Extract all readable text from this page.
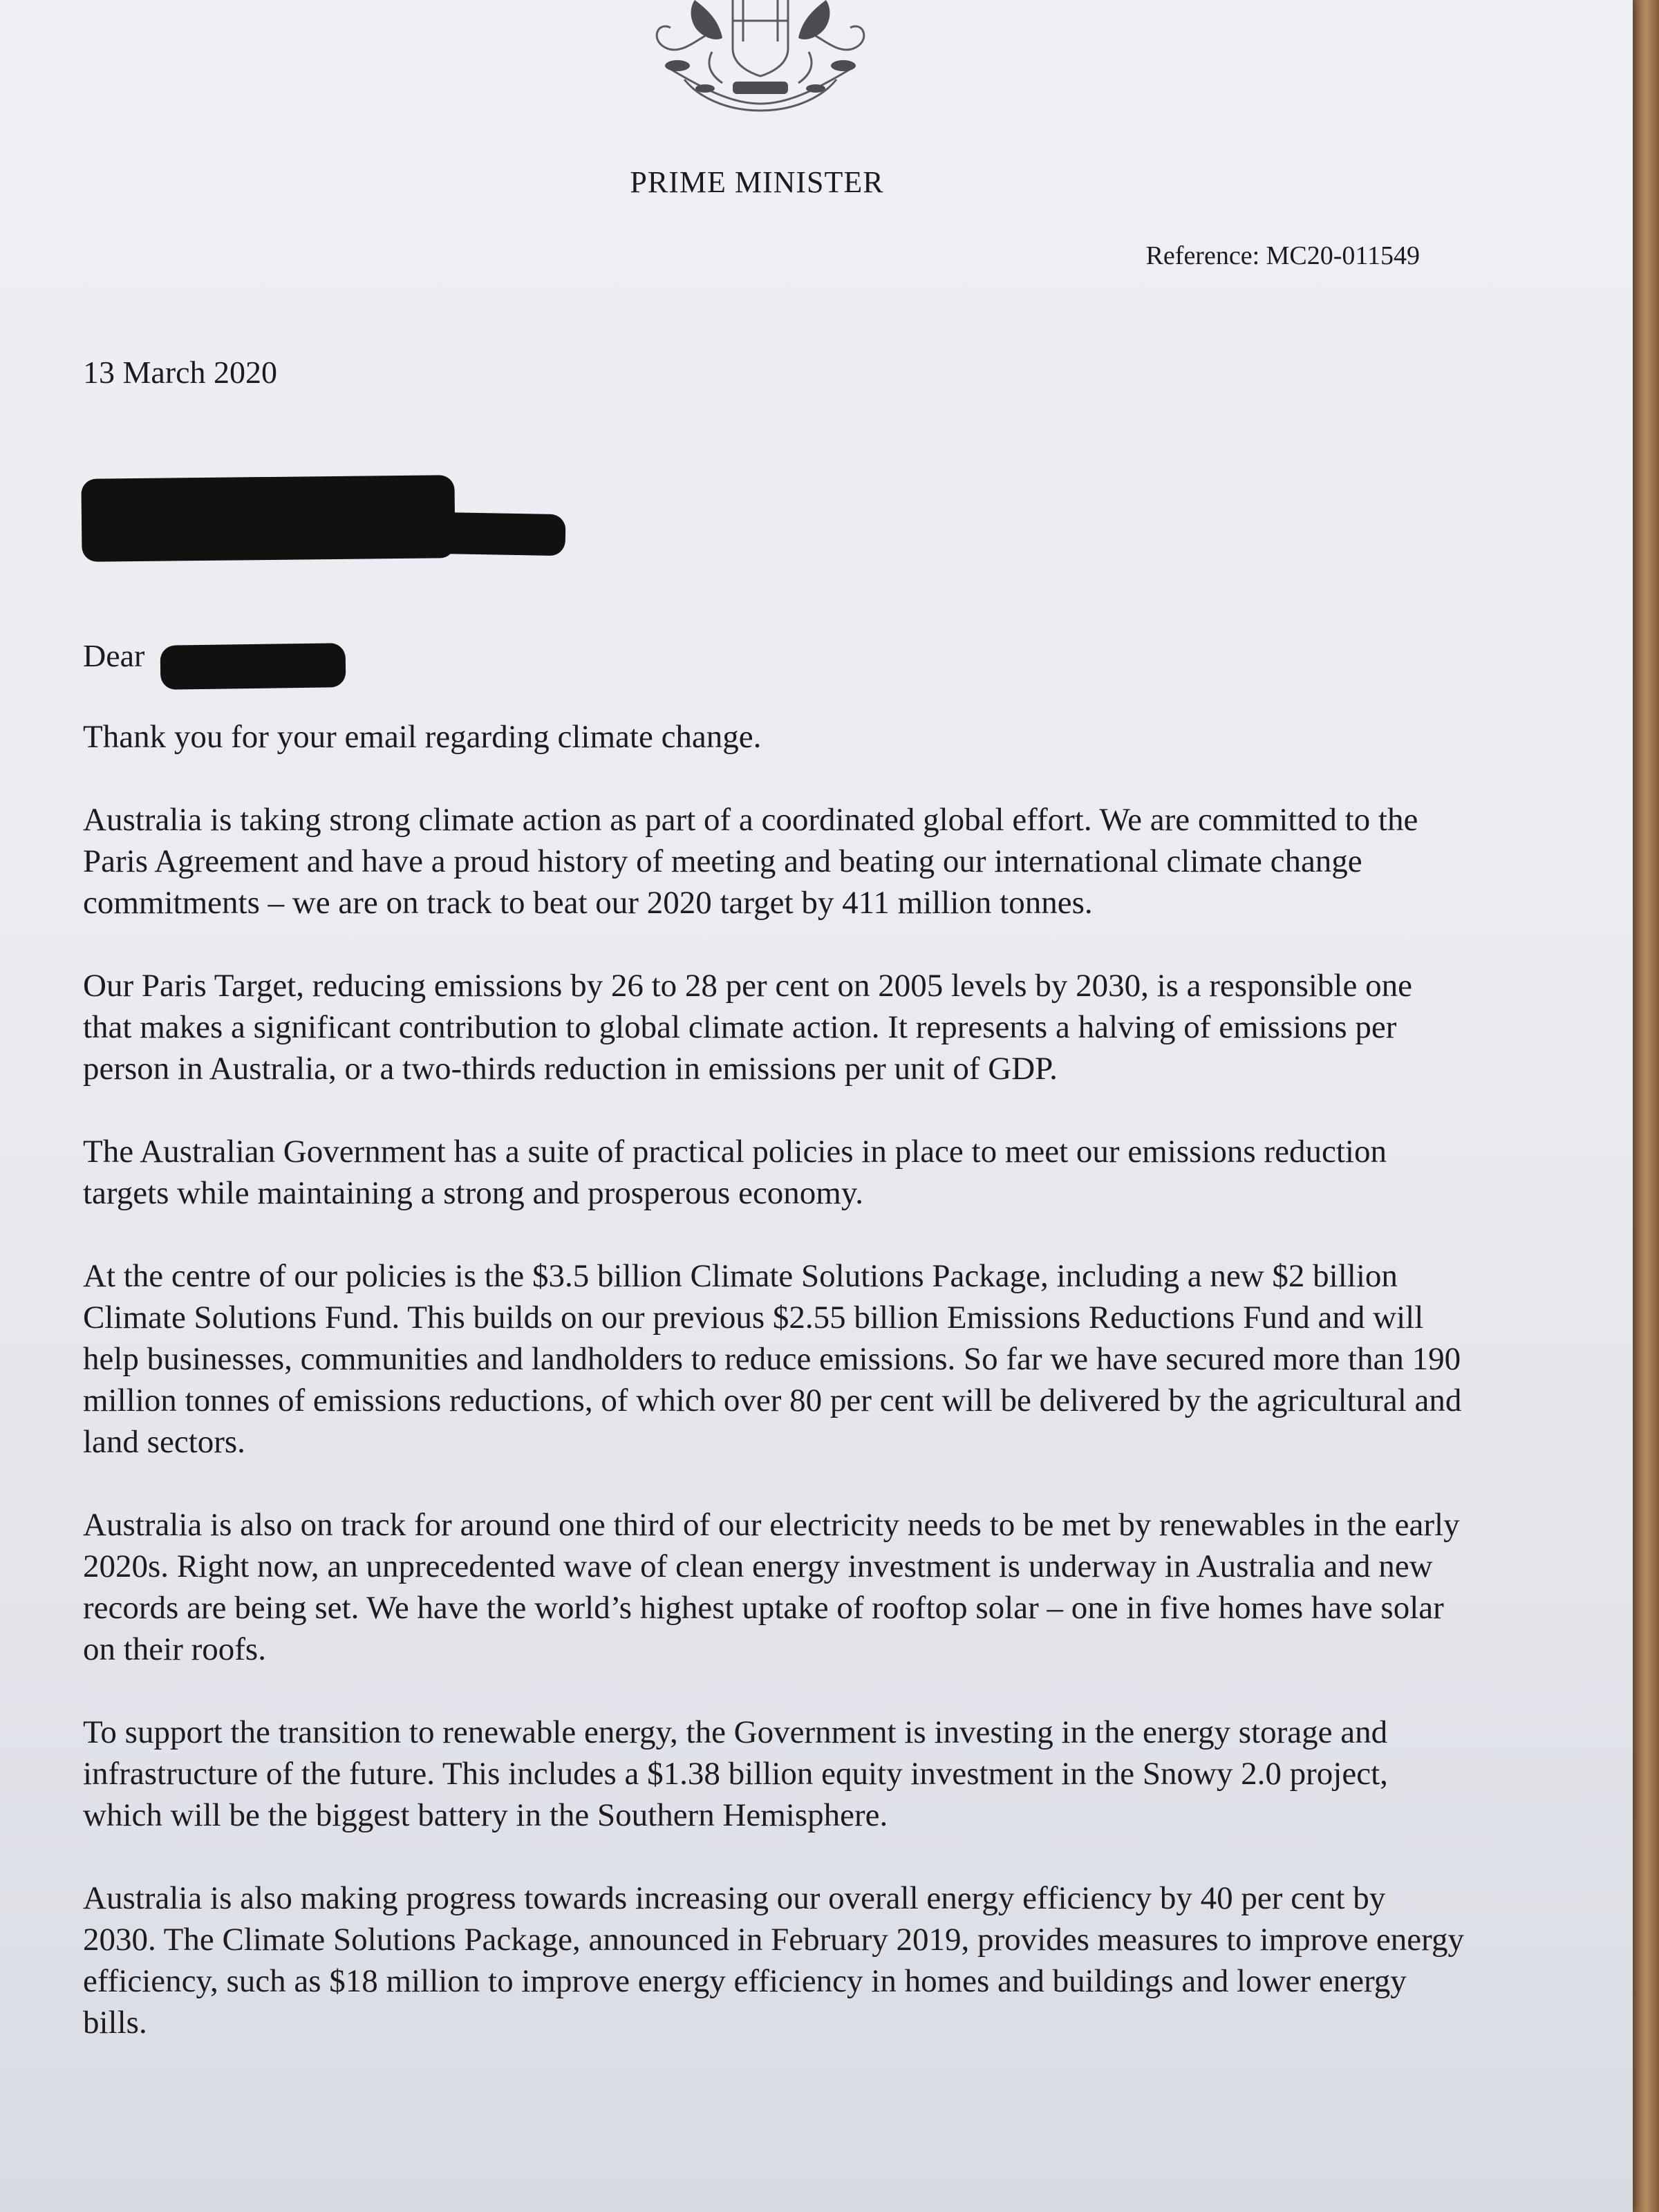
PRIME MINISTER
Reference: MC20-011549
13 March 2020
Dear

Thank you for your email regarding climate change.

Australia is taking strong climate action as part of a coordinated global effort. We are committed to the Paris Agreement and have a proud history of meeting and beating our international climate change commitments – we are on track to beat our 2020 target by 411 million tonnes.

Our Paris Target, reducing emissions by 26 to 28 per cent on 2005 levels by 2030, is a responsible one that makes a significant contribution to global climate action. It represents a halving of emissions per person in Australia, or a two-thirds reduction in emissions per unit of GDP.

The Australian Government has a suite of practical policies in place to meet our emissions reduction targets while maintaining a strong and prosperous economy.

At the centre of our policies is the $3.5 billion Climate Solutions Package, including a new $2 billion Climate Solutions Fund. This builds on our previous $2.55 billion Emissions Reductions Fund and will help businesses, communities and landholders to reduce emissions. So far we have secured more than 190 million tonnes of emissions reductions, of which over 80 per cent will be delivered by the agricultural and land sectors.

Australia is also on track for around one third of our electricity needs to be met by renewables in the early 2020s. Right now, an unprecedented wave of clean energy investment is underway in Australia and new records are being set. We have the world’s highest uptake of rooftop solar – one in five homes have solar on their roofs.

To support the transition to renewable energy, the Government is investing in the energy storage and infrastructure of the future. This includes a $1.38 billion equity investment in the Snowy 2.0 project, which will be the biggest battery in the Southern Hemisphere.

Australia is also making progress towards increasing our overall energy efficiency by 40 per cent by 2030. The Climate Solutions Package, announced in February 2019, provides measures to improve energy efficiency, such as $18 million to improve energy efficiency in homes and buildings and lower energy bills.
